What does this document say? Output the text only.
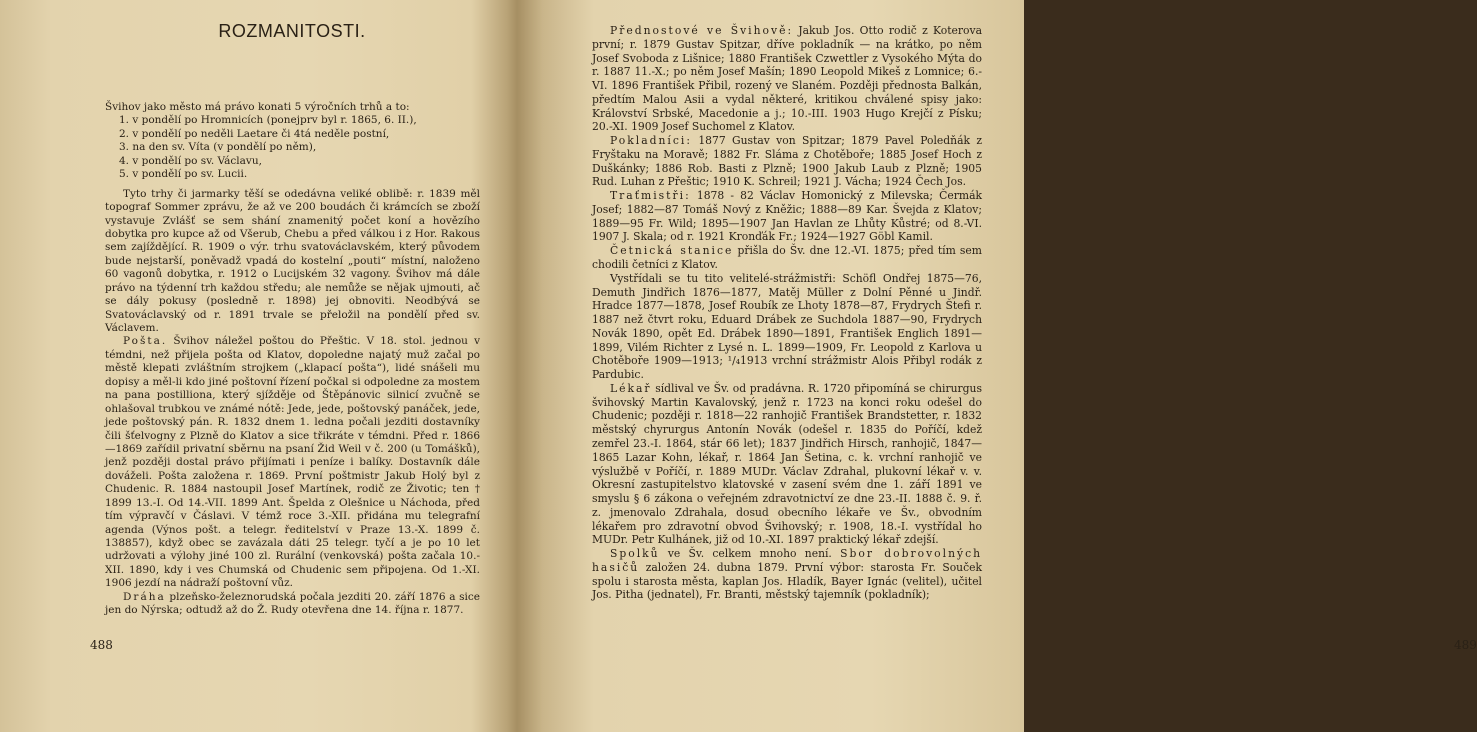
ROZMANITOSTI.

Švihov jako město má právo konati 5 výročních trhů a to:

1. v pondělí po Hromnicích (ponejprv byl r. 1865, 6. II.),
2. v pondělí po neděli Laetare či 4tá neděle postní,
3. na den sv. Víta (v pondělí po něm),
4. v pondělí po sv. Václavu,
5. v pondělí po sv. Lucii.

Tyto trhy či jarmarky těší se odedávna veliké oblibě: r. 1839 měl topograf Sommer zprávu, že až ve 200 boudách či krámcích se zboží vystavuje Zvlášť se sem shání znamenitý počet koní a hovězího dobytka pro kupce až od Všerub, Chebu a před válkou i z Hor. Rakous sem zajíždějící. R. 1909 o výr. trhu svatováclavském, který původem bude nejstarší, poněvadž vpadá do kostelní „pouti“ místní, naloženo 60 vagonů dobytka, r. 1912 o Lucijském 32 vagony. Švihov má dále právo na týdenní trh každou středu; ale nemůže se nějak ujmouti, ač se dály pokusy (posledně r. 1898) jej obnoviti. Neodbývá se Svatováclavský od r. 1891 trvale se přeložil na pondělí před sv. Václavem.

Pošta. Švihov náležel poštou do Přeštic. V 18. stol. jednou v témdni, než přijela pošta od Klatov, dopoledne najatý muž začal po městě klepati zvláštním strojkem („klapací pošta“), lidé snášeli mu dopisy a měl-li kdo jiné poštovní řízení počkal si odpoledne za mostem na pana postilliona, který sjížděje od Štěpánovic silnicí zvučně se ohlašoval trubkou ve známé nótě: Jede, jede, poštovský panáček, jede, jede poštovský pán. R. 1832 dnem 1. ledna počali jezditi dostavníky čili šťelvogny z Plzně do Klatov a sice třikráte v témdni. Před r. 1866—1869 zařídil privatní sběrnu na psaní Žid Weil v č. 200 (u Tomášků), jenž později dostal právo přijímati i peníze i balíky. Dostavník dále dováželi. Pošta založena r. 1869. První poštmistr Jakub Holý byl z Chudenic. R. 1884 nastoupil Josef Martínek, rodič ze Životic; ten † 1899 13.-I. Od 14.-VII. 1899 Ant. Špelda z Olešnice u Náchoda, před tím výpravčí v Čáslavi. V témž roce 3.-XII. přidána mu telegrafní agenda (Výnos pošt. a telegr. ředitelství v Praze 13.-X. 1899 č. 138857), když obec se zavázala dáti 25 telegr. tyčí a je po 10 let udržovati a výlohy jiné 100 zl. Rurální (venkovská) pošta začala 10.-XII. 1890, kdy i ves Chumská od Chudenic sem připojena. Od 1.-XI. 1906 jezdí na nádraží poštovní vůz.

Dráha plzeňsko-železnorudská počala jezditi 20. září 1876 a sice jen do Nýrska; odtudž až do Ž. Rudy otevřena dne 14. října r. 1877.

488

Přednostové ve Švihově: Jakub Jos. Otto rodič z Koterova první; r. 1879 Gustav Spitzar, dříve pokladník — na krátko, po něm Josef Svoboda z Lišnice; 1880 František Czwettler z Vysokého Mýta do r. 1887 11.-X.; po něm Josef Mašín; 1890 Leopold Mikeš z Lomnice; 6.-VI. 1896 František Přibil, rozený ve Slaném. Později přednosta Balkán, předtím Malou Asii a vydal některé, kritikou chválené spisy jako: Království Srbské, Macedonie a j.; 10.-III. 1903 Hugo Krejčí z Písku; 20.-XI. 1909 Josef Suchomel z Klatov.

Pokladníci: 1877 Gustav von Spitzar; 1879 Pavel Poledňák z Fryštaku na Moravě; 1882 Fr. Sláma z Chotěboře; 1885 Josef Hoch z Duškánky; 1886 Rob. Basti z Plzně; 1900 Jakub Laub z Plzně; 1905 Rud. Luhan z Přeštic; 1910 K. Schreil; 1921 J. Vácha; 1924 Čech Jos.

Traťmistři: 1878 - 82 Václav Homonický z Milevska; Čermák Josef; 1882—87 Tomáš Nový z Kněžic; 1888—89 Kar. Švejda z Klatov; 1889—95 Fr. Wild; 1895—1907 Jan Havlan ze Lhůty Kůstré; od 8.-VI. 1907 J. Skala; od r. 1921 Kronďák Fr.; 1924—1927 Göbl Kamil.

Četnická stanice přišla do Šv. dne 12.-VI. 1875; před tím sem chodili četníci z Klatov.

Vystřídali se tu tito velitelé-strážmistři: Schöfl Ondřej 1875—76, Demuth Jindřich 1876—1877, Matěj Müller z Dolní Pěnné u Jindř. Hradce 1877—1878, Josef Roubík ze Lhoty 1878—87, Frydrych Štefi r. 1887 než čtvrt roku, Eduard Drábek ze Suchdola 1887—90, Frydrych Novák 1890, opět Ed. Drábek 1890—1891, František Englich 1891—1899, Vilém Richter z Lysé n. L. 1899—1909, Fr. Leopold z Karlova u Chotěboře 1909—1913; ¹/₄1913 vrchní strážmistr Alois Přibyl rodák z Pardubic.

Lékař sídlival ve Šv. od pradávna. R. 1720 připomíná se chirurgus švihovský Martin Kavalovský, jenž r. 1723 na konci roku odešel do Chudenic; později r. 1818—22 ranhojič František Brandstetter, r. 1832 městský chyrurgus Antonín Novák (odešel r. 1835 do Poříčí, kdež zemřel 23.-I. 1864, stár 66 let); 1837 Jindřich Hirsch, ranhojič, 1847—1865 Lazar Kohn, lékař, r. 1864 Jan Šetina, c. k. vrchní ranhojič ve výslužbě v Poříčí, r. 1889 MUDr. Václav Zdrahal, plukovní lékař v. v. Okresní zastupitelstvo klatovské v zasení svém dne 1. září 1891 ve smyslu § 6 zákona o veřejném zdravotnictví ze dne 23.-II. 1888 č. 9. ř. z. jmenovalo Zdrahala, dosud obecního lékaře ve Šv., obvodním lékařem pro zdravotní obvod Švihovský; r. 1908, 18.-I. vystřídal ho MUDr. Petr Kulhánek, již od 10.-XI. 1897 praktický lékař zdejší.

Spolků ve Šv. celkem mnoho není. Sbor dobrovolných hasičů založen 24. dubna 1879. První výbor: starosta Fr. Souček spolu i starosta města, kaplan Jos. Hladík, Bayer Ignác (velitel), učitel Jos. Pitha (jednatel), Fr. Branti, městský tajemník (pokladník);

489
